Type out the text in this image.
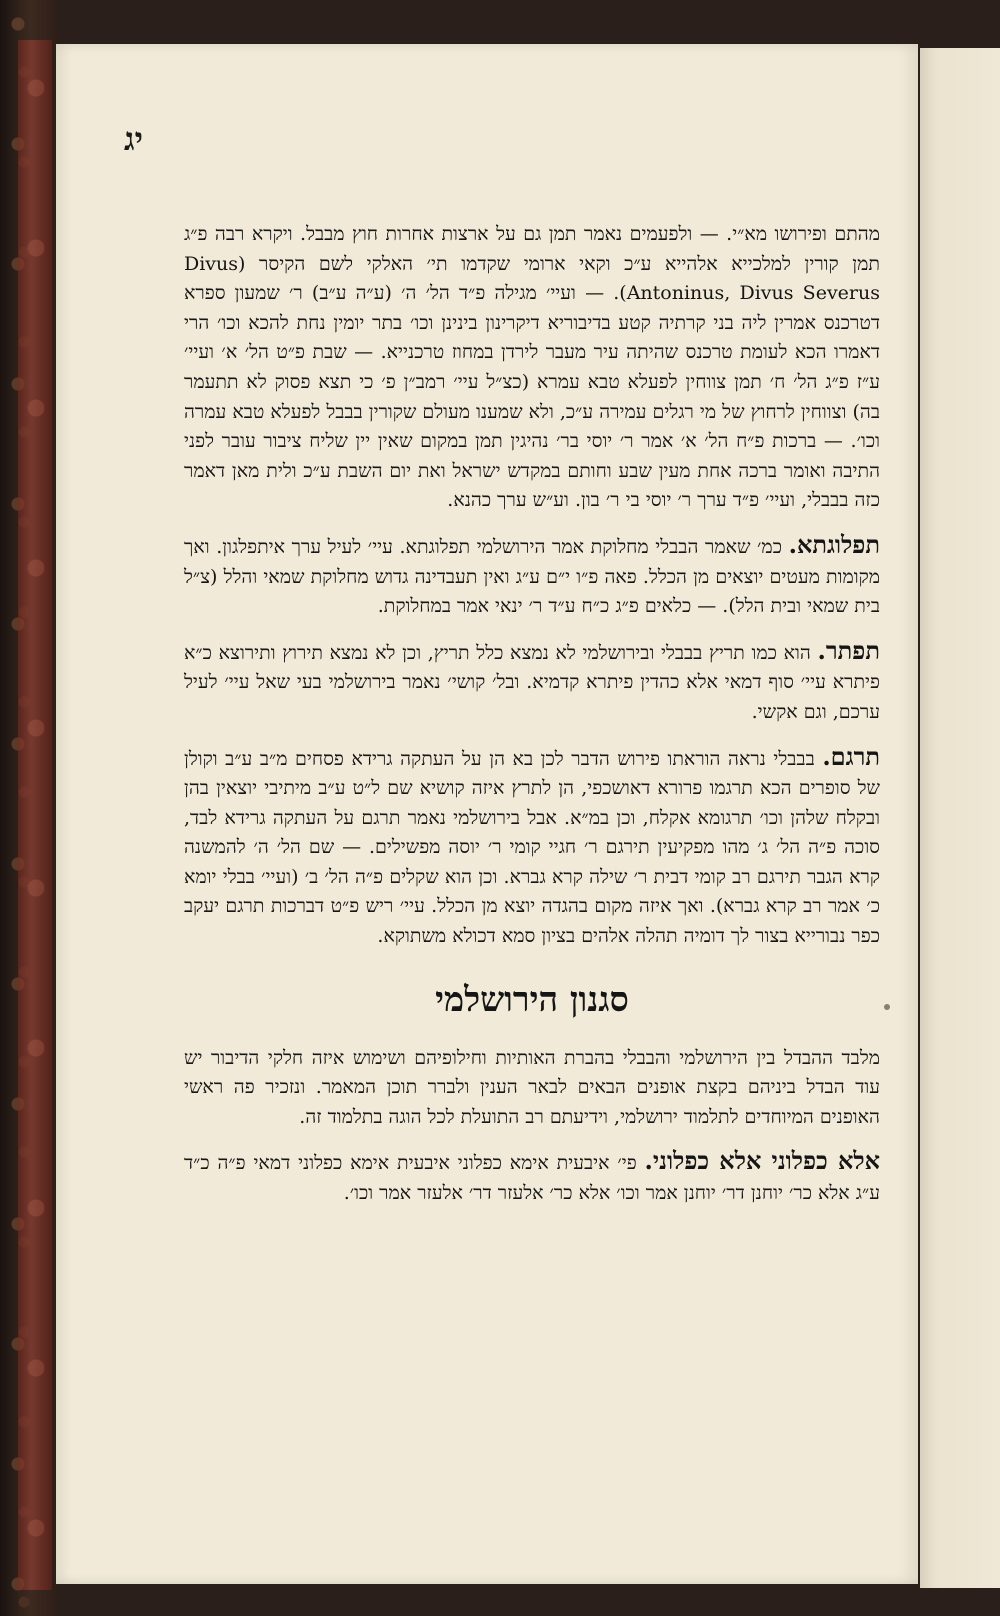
יג

מהתם ופירושו מא״י. — ולפעמים נאמר תמן גם על ארצות אחרות חוץ מבבל. ויקרא רבה פ״ג תמן קורין למלכייא אלהייא ע״כ וקאי ארומי שקדמו תי׳ האלקי לשם הקיסר (Divus Antoninus, Divus Severus). — ועיי׳ מגילה פ״ד הל׳ ה׳ (ע״ה ע״ב) ר׳ שמעון ספרא דטרכנס אמרין ליה בני קרתיה קטע בדיבוריא דיקרינון בינינן וכו׳ בתר יומין נחת להכא וכו׳ הרי דאמרו הכא לעומת טרכנס שהיתה עיר מעבר לירדן במחוז טרכנייא. — שבת פ״ט הל׳ א׳ ועיי׳ ע״ז פ״ג הל׳ ח׳ תמן צווחין לפעלא טבא עמרא (כצ״ל עיי׳ רמב״ן פ׳ כי תצא פסוק לא תתעמר בה) וצווחין לרחוץ של מי רגלים עמירה ע״כ, ולא שמענו מעולם שקורין בבבל לפעלא טבא עמרה וכו׳. — ברכות פ״ח הל׳ א׳ אמר ר׳ יוסי בר׳ נהיגין תמן במקום שאין יין שליח ציבור עובר לפני התיבה ואומר ברכה אחת מעין שבע וחותם במקדש ישראל ואת יום השבת ע״כ ולית מאן דאמר כזה בבבלי, ועיי׳ פ״ד ערך ר׳ יוסי בי ר׳ בון. וע״ש ערך כהנא.

תפלוגתא. כמ׳ שאמר הבבלי מחלוקת אמר הירושלמי תפלוגתא. עיי׳ לעיל ערך איתפלגון. ואך מקומות מעטים יוצאים מן הכלל. פאה פ״ו י״ם ע״ג ואין תעבדינה גדוש מחלוקת שמאי והלל (צ״ל בית שמאי ובית הלל). — כלאים פ״ג כ״ח ע״ד ר׳ ינאי אמר במחלוקת.

תפתר. הוא כמו תריץ בבבלי ובירושלמי לא נמצא כלל תריץ, וכן לא נמצא תירוץ ותירוצא כ״א פיתרא עיי׳ סוף דמאי אלא כהדין פיתרא קדמיא. ובל׳ קושי׳ נאמר בירושלמי בעי שאל עיי׳ לעיל ערכם, וגם אקשי.

תרגם. בבבלי נראה הוראתו פירוש הדבר לכן בא הן על העתקה גרידא פסחים מ״ב ע״ב וקולן של סופרים הכא תרגמו פרורא דאושכפי, הן לתרץ איזה קושיא שם ל״ט ע״ב מיתיבי יוצאין בהן ובקלח שלהן וכו׳ תרגומא אקלח, וכן במ״א. אבל בירושלמי נאמר תרגם על העתקה גרידא לבד, סוכה פ״ה הל׳ ג׳ מהו מפקיעין תירגם ר׳ חגיי קומי ר׳ יוסה מפשילים. — שם הל׳ ה׳ להמשנה קרא הגבר תירגם רב קומי דבית ר׳ שילה קרא גברא. וכן הוא שקלים פ״ה הל׳ ב׳ (ועיי׳ בבלי יומא כ׳ אמר רב קרא גברא). ואך איזה מקום בהגדה יוצא מן הכלל. עיי׳ ריש פ״ט דברכות תרגם יעקב כפר נבורייא בצור לך דומיה תהלה אלהים בציון סמא דכולא משתוקא.

סגנון הירושלמי

מלבד ההבדל בין הירושלמי והבבלי בהברת האותיות וחילופיהם ושימוש איזה חלקי הדיבור יש עוד הבדל ביניהם בקצת אופנים הבאים לבאר הענין ולברר תוכן המאמר. ונזכיר פה ראשי האופנים המיוחדים לתלמוד ירושלמי, וידיעתם רב התועלת לכל הוגה בתלמוד זה.

אלא כפלוני אלא כפלוני. פי׳ איבעית אימא כפלוני איבעית אימא כפלוני דמאי פ״ה כ״ד ע״ג אלא כר׳ יוחנן דר׳ יוחנן אמר וכו׳ אלא כר׳ אלעזר דר׳ אלעזר אמר וכו׳.
